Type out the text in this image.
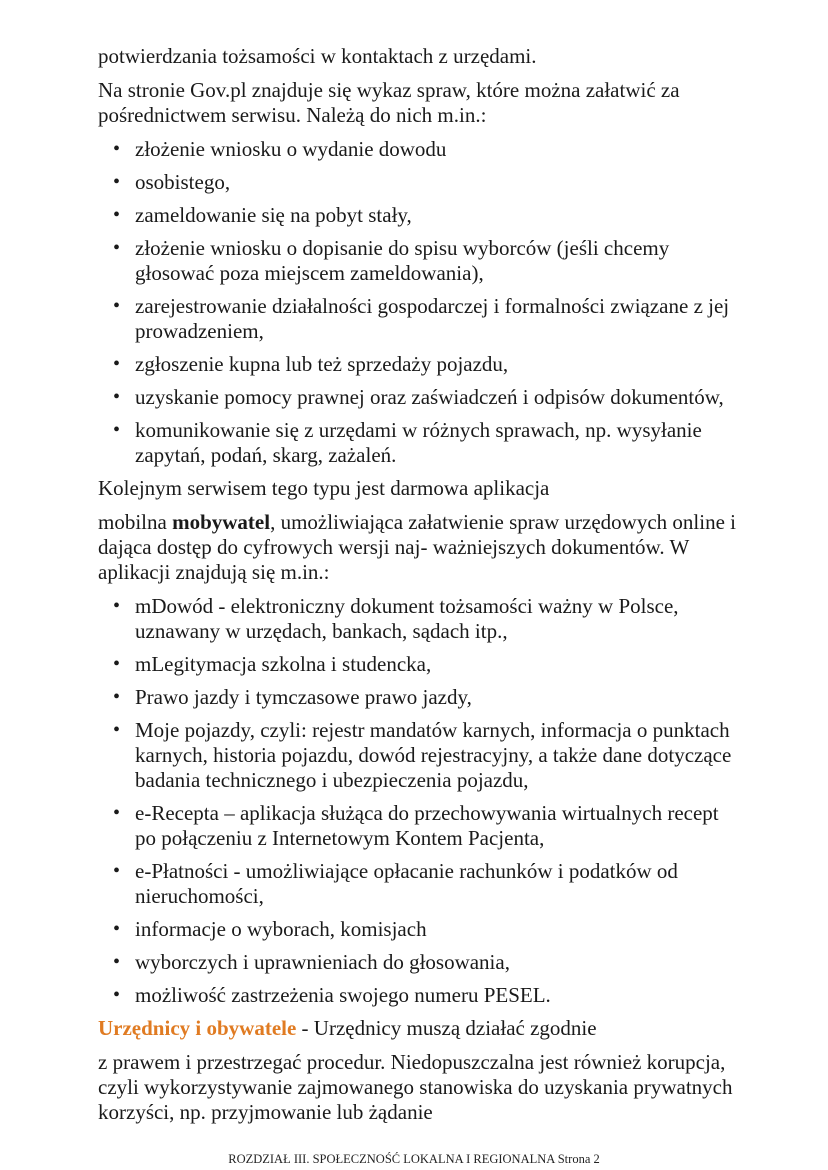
potwierdzania tożsamości w kontaktach z urzędami.

Na stronie Gov.pl znajduje się wykaz spraw, które można załatwić za pośrednictwem serwisu. Należą do nich m.in.:

• złożenie wniosku o wydanie dowodu
• osobistego,
• zameldowanie się na pobyt stały,
• złożenie wniosku o dopisanie do spisu wyborców (jeśli chcemy głosować poza miejscem zameldowania),
• zarejestrowanie działalności gospodarczej i formalności związane z jej prowadzeniem,
• zgłoszenie kupna lub też sprzedaży pojazdu,
• uzyskanie pomocy prawnej oraz zaświadczeń i odpisów dokumentów,
• komunikowanie się z urzędami w różnych sprawach, np. wysyłanie zapytań, podań, skarg, zażaleń.

Kolejnym serwisem tego typu jest darmowa aplikacja

mobilna mobywatel, umożliwiająca załatwienie spraw urzędowych online i dająca dostęp do cyfrowych wersji naj- ważniejszych dokumentów. W aplikacji znajdują się m.in.:

• mDowód - elektroniczny dokument tożsamości ważny w Polsce, uznawany w urzędach, bankach, sądach itp.,
• mLegitymacja szkolna i studencka,
• Prawo jazdy i tymczasowe prawo jazdy,
• Moje pojazdy, czyli: rejestr mandatów karnych, informacja o punktach karnych, historia pojazdu, dowód rejestracyjny, a także dane dotyczące badania technicznego i ubezpieczenia pojazdu,
• e-Recepta – aplikacja służąca do przechowywania wirtualnych recept po połączeniu z Internetowym Kontem Pacjenta,
• e-Płatności - umożliwiające opłacanie rachunków i podatków od nieruchomości,
• informacje o wyborach, komisjach
• wyborczych i uprawnieniach do głosowania,
• możliwość zastrzeżenia swojego numeru PESEL.

Urzędnicy i obywatele - Urzędnicy muszą działać zgodnie

z prawem i przestrzegać procedur. Niedopuszczalna jest również korupcja, czyli wykorzystywanie zajmowanego stanowiska do uzyskania prywatnych korzyści, np. przyjmowanie lub żądanie

ROZDZIAŁ III. SPOŁECZNOŚĆ LOKALNA I REGIONALNA Strona 2
